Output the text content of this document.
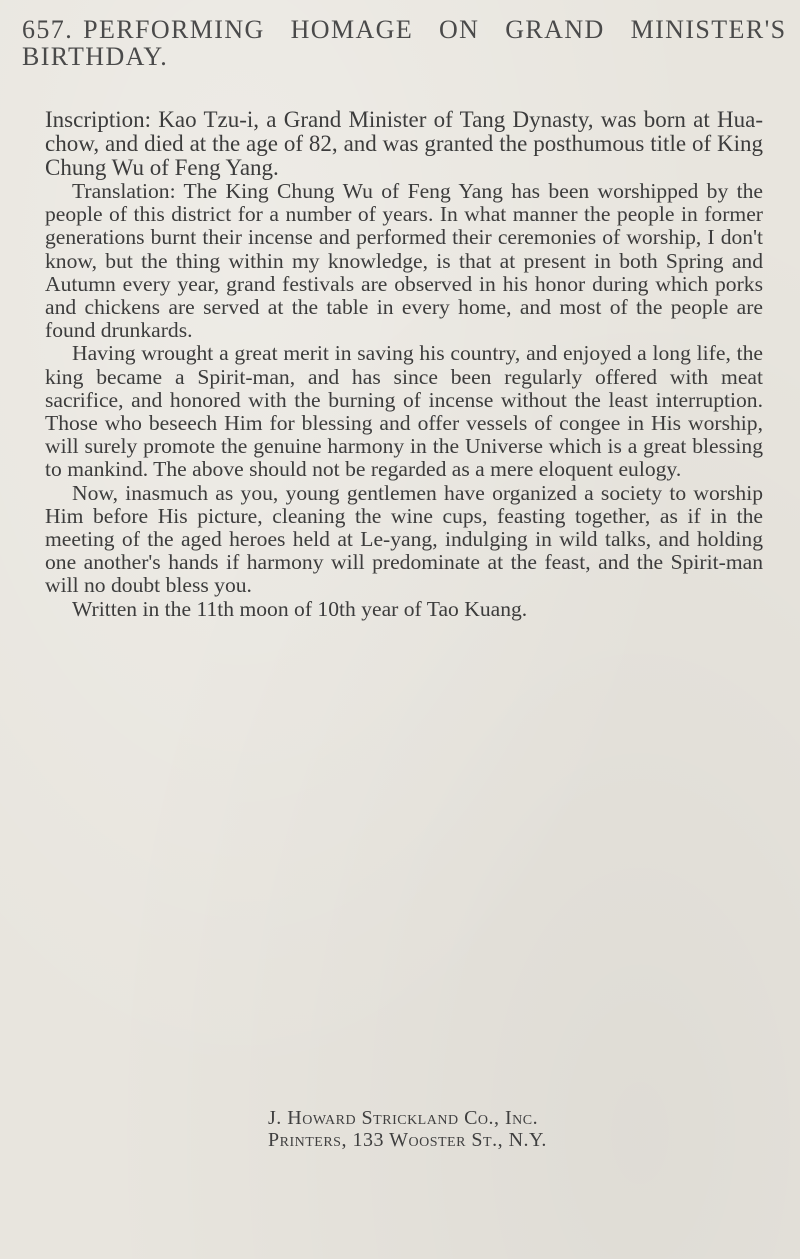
657. PERFORMING HOMAGE ON GRAND MINISTER'S BIRTHDAY.

Inscription: Kao Tzu-i, a Grand Minister of Tang Dynasty, was born at Hua-chow, and died at the age of 82, and was granted the posthumous title of King Chung Wu of Feng Yang.

Translation: The King Chung Wu of Feng Yang has been worshipped by the people of this district for a number of years. In what manner the people in former generations burnt their incense and performed their ceremonies of worship, I don't know, but the thing within my knowledge, is that at present in both Spring and Autumn every year, grand festivals are observed in his honor during which porks and chickens are served at the table in every home, and most of the people are found drunkards.

Having wrought a great merit in saving his country, and enjoyed a long life, the king became a Spirit-man, and has since been regularly offered with meat sacrifice, and honored with the burning of incense without the least interruption. Those who beseech Him for blessing and offer vessels of congee in His worship, will surely promote the genuine harmony in the Universe which is a great blessing to mankind. The above should not be regarded as a mere eloquent eulogy.

Now, inasmuch as you, young gentlemen have organized a society to worship Him before His picture, cleaning the wine cups, feasting together, as if in the meeting of the aged heroes held at Le-yang, indulging in wild talks, and holding one another's hands if harmony will predominate at the feast, and the Spirit-man will no doubt bless you.

Written in the 11th moon of 10th year of Tao Kuang.

J. Howard Strickland Co., Inc.
Printers, 133 Wooster St., N.Y.
